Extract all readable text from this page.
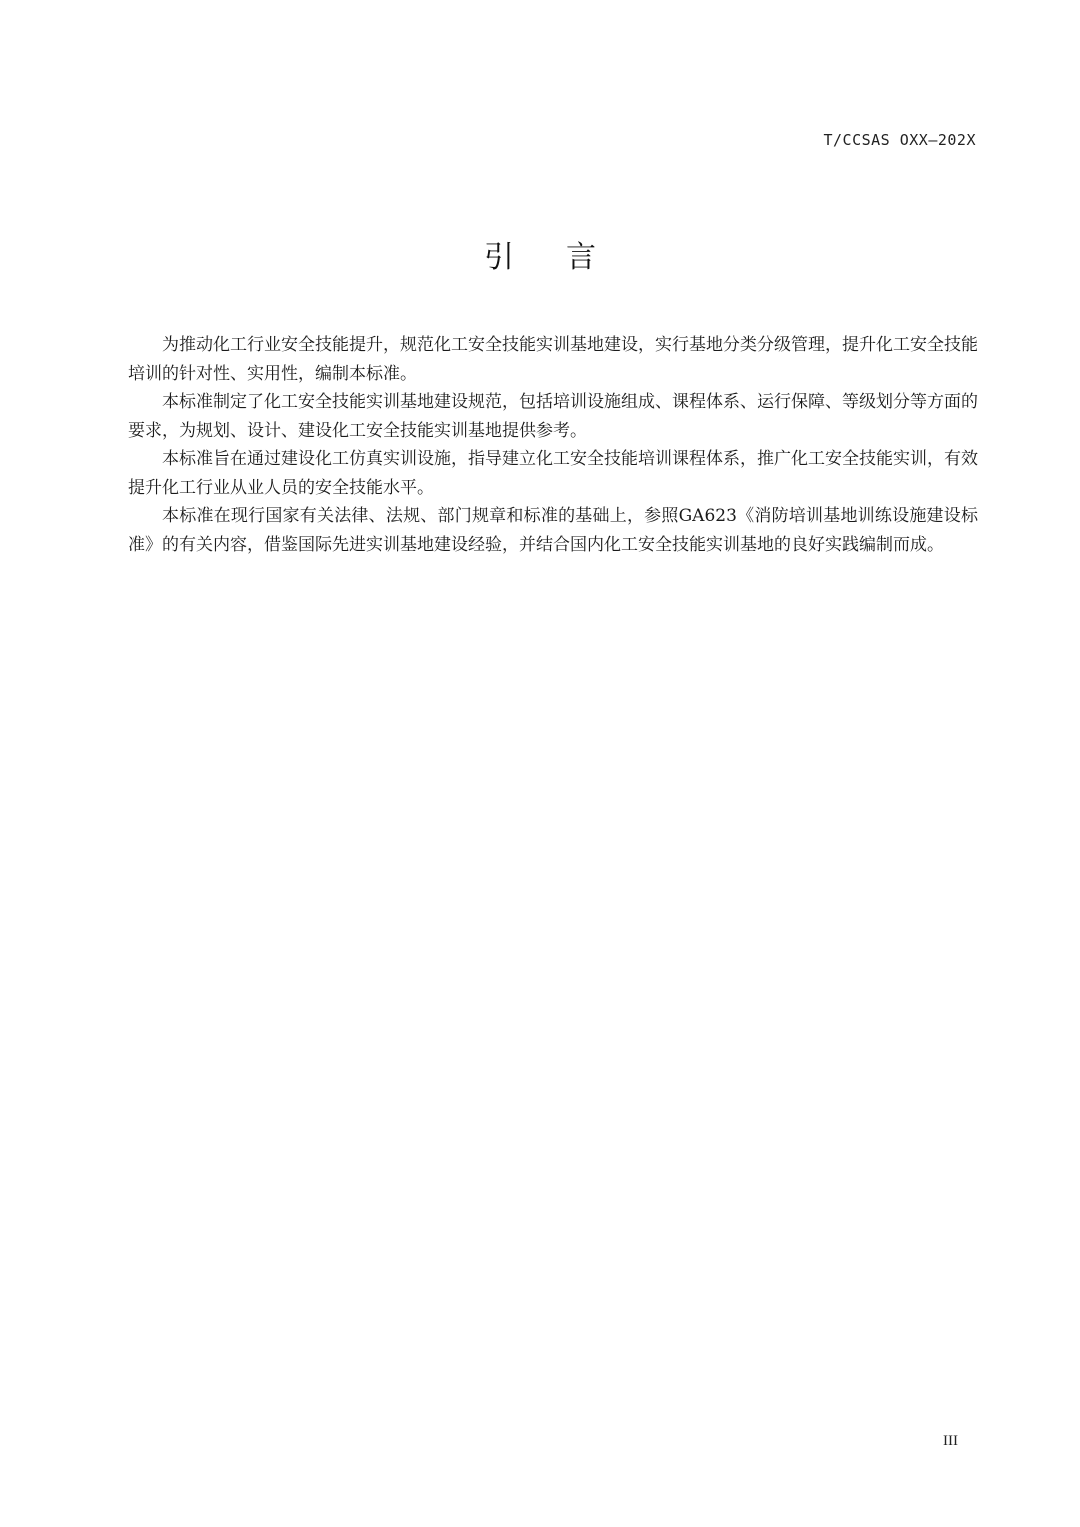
T/CCSAS OXX—202X
引言

为推动化工行业安全技能提升，规范化工安全技能实训基地建设，实行基地分类分级管理，提升化工安全技能培训的针对性、实用性，编制本标准。

本标准制定了化工安全技能实训基地建设规范，包括培训设施组成、课程体系、运行保障、等级划分等方面的要求，为规划、设计、建设化工安全技能实训基地提供参考。

本标准旨在通过建设化工仿真实训设施，指导建立化工安全技能培训课程体系，推广化工安全技能实训，有效提升化工行业从业人员的安全技能水平。

本标准在现行国家有关法律、法规、部门规章和标准的基础上，参照GA623《消防培训基地训练设施建设标准》的有关内容，借鉴国际先进实训基地建设经验，并结合国内化工安全技能实训基地的良好实践编制而成。

III
